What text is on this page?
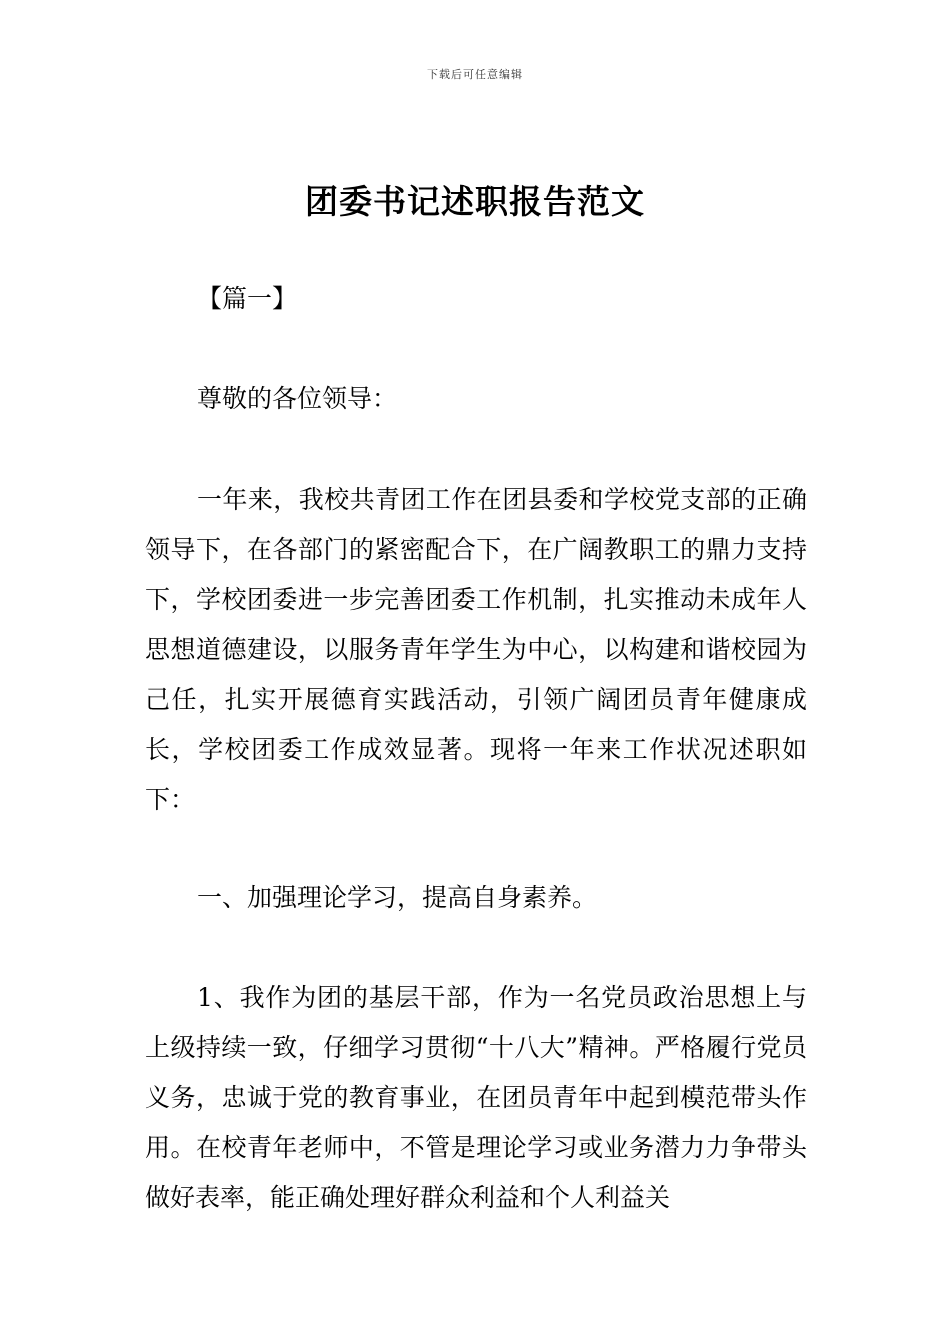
下载后可任意编辑
团委书记述职报告范文

【篇一】

尊敬的各位领导：

一年来，我校共青团工作在团县委和学校党支部的正确领导下，在各部门的紧密配合下，在广阔教职工的鼎力支持下，学校团委进一步完善团委工作机制，扎实推动未成年人思想道德建设，以服务青年学生为中心，以构建和谐校园为己任，扎实开展德育实践活动，引领广阔团员青年健康成长，学校团委工作成效显著。现将一年来工作状况述职如下：

一、加强理论学习，提高自身素养。

1、我作为团的基层干部，作为一名党员政治思想上与上级持续一致，仔细学习贯彻“十八大”精神。严格履行党员义务，忠诚于党的教育事业，在团员青年中起到模范带头作用。在校青年老师中，不管是理论学习或业务潜力力争带头做好表率，能正确处理好群众利益和个人利益关
